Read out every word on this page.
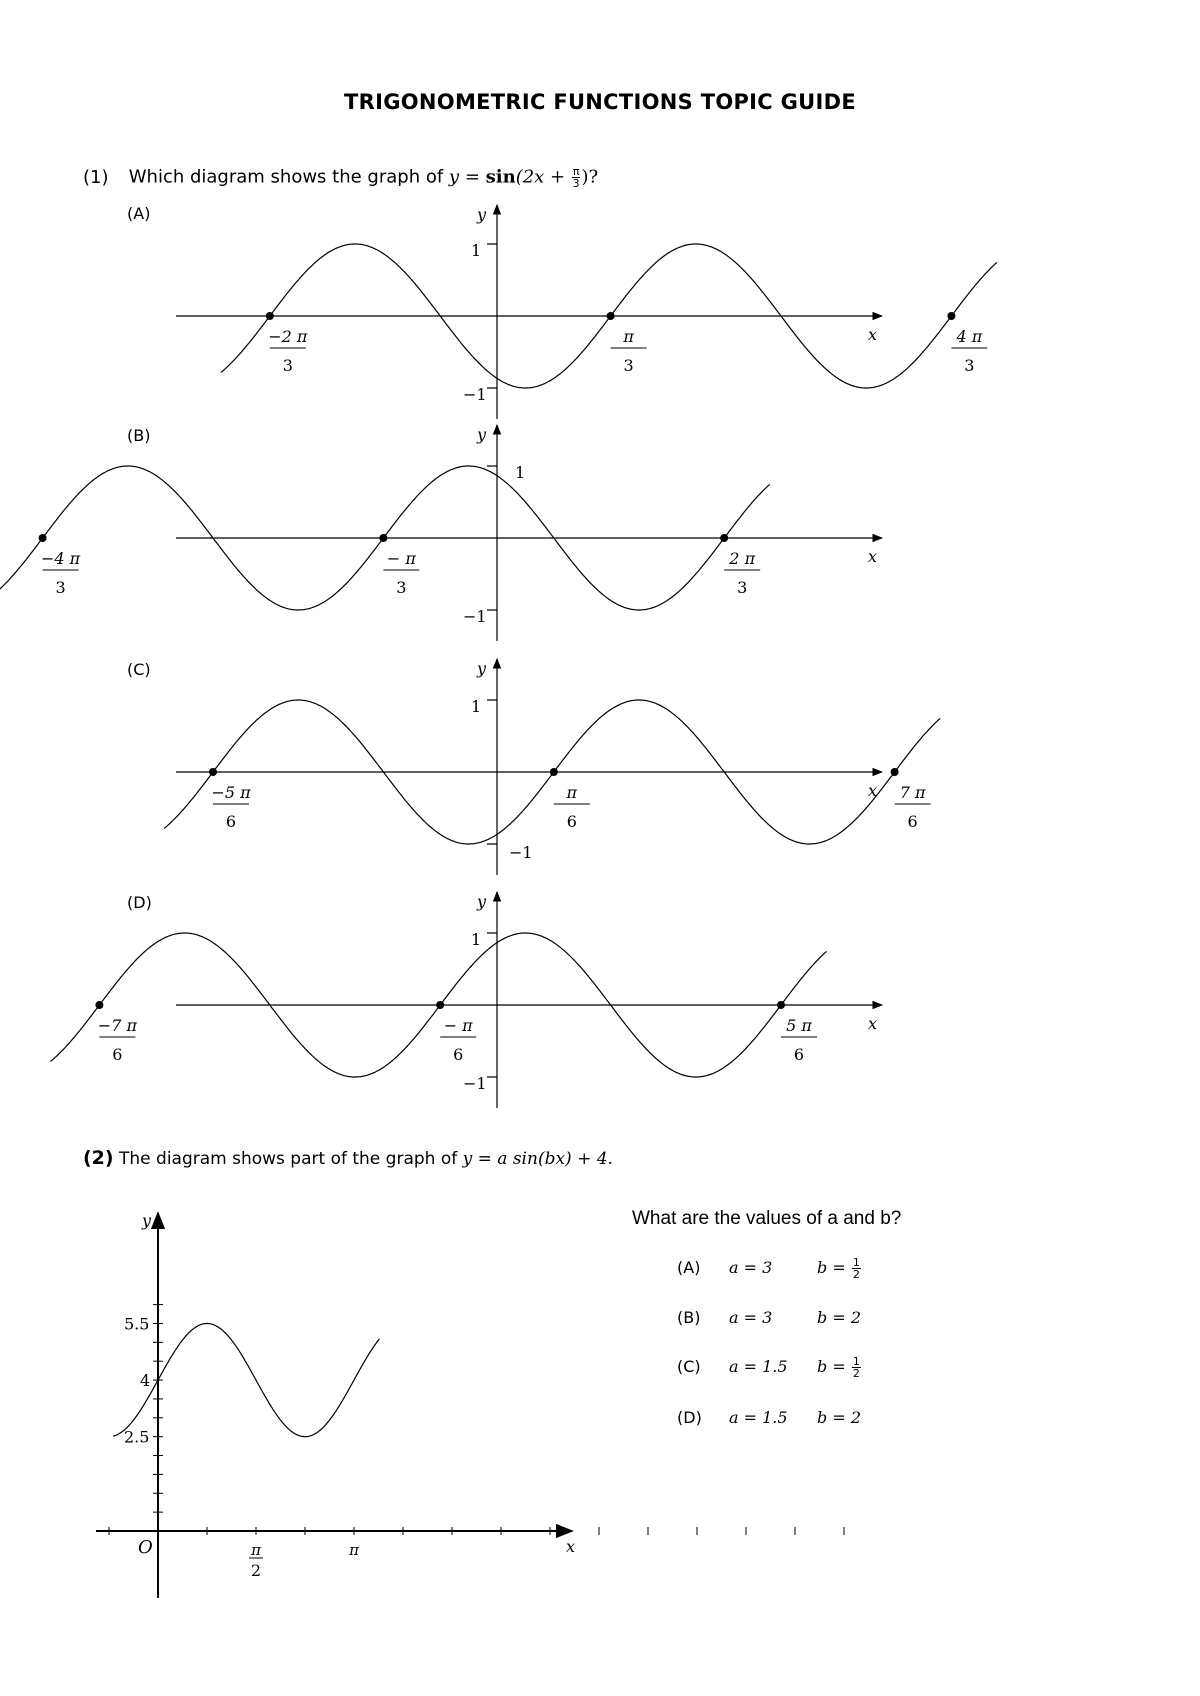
TRIGONOMETRIC FUNCTIONS TOPIC GUIDE
(1) Which diagram shows the graph of $y = \sin(2x + \frac{\pi}{3}$ )?
(A)
(B)
(C)
(D)
y
x
1
−1
−2 π
3
π
3
4 π
3
y
x
1
−1
−4 π
3
− π
3
2 π
3
y
x
1
−1
−5 π
6
π
6
7 π
6
y
x
1
−1
−7 π
6
− π
6
5 π
6
(2) The diagram shows part of the graph of y = a sin(bx) + 4.
y
x
O
5.5
4
2.5
π
2
π
What are the values of a and b?
(A) a = 3	$b = \frac{1}{2}$
(B) a = 3	b = 2
(C) a = 1.5 $b = \frac{1}{2}$
(D) a = 1.5 b = 2
